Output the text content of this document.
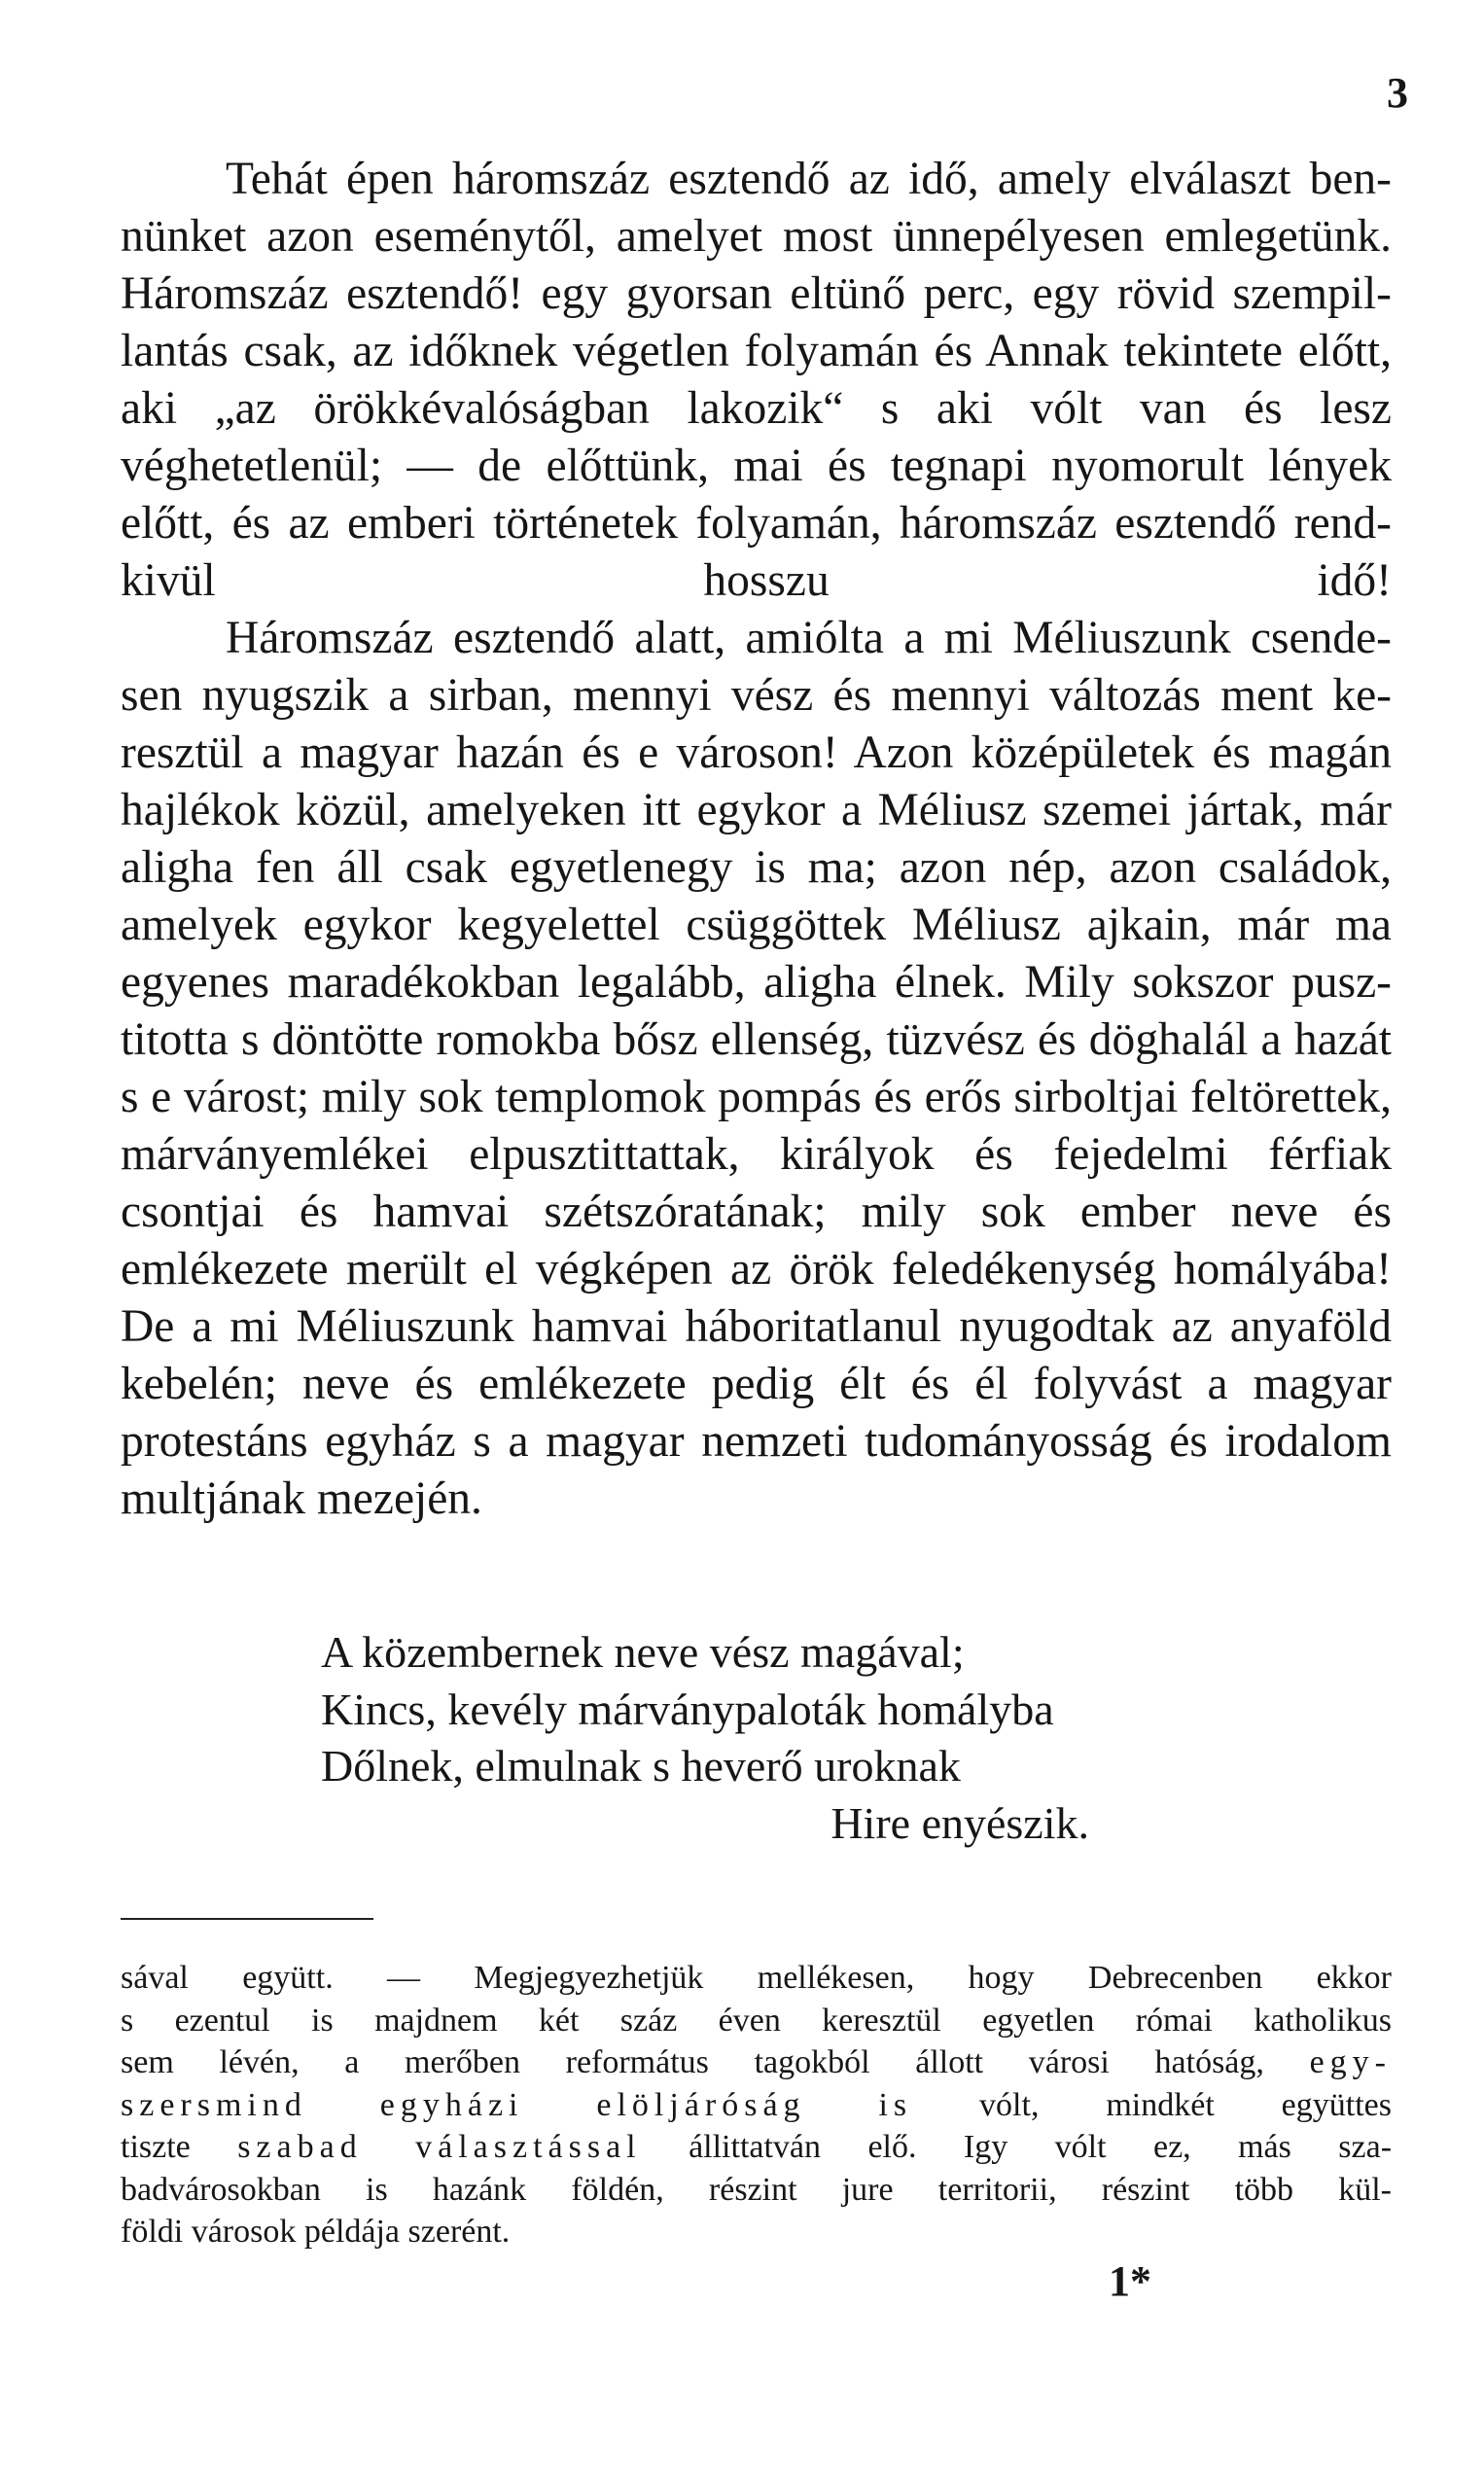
3

Tehát épen háromszáz esztendő az idő, amely elválaszt ben- nünket azon eseménytől, amelyet most ünnepélyesen emlegetünk. Háromszáz esztendő! egy gyorsan eltünő perc, egy rövid szempil- lantás csak, az időknek végetlen folyamán és Annak tekintete előtt, aki „az örökkévalóságban lakozik“ s aki vólt van és lesz véghetetlenül; — de előttünk, mai és tegnapi nyomorult lények előtt, és az emberi történetek folyamán, háromszáz esztendő rend- kivül hosszu idő!

Háromszáz esztendő alatt, amiólta a mi Méliuszunk csende- sen nyugszik a sirban, mennyi vész és mennyi változás ment ke- resztül a magyar hazán és e városon! Azon középületek és magán hajlékok közül, amelyeken itt egykor a Méliusz szemei jártak, már aligha fen áll csak egyetlenegy is ma; azon nép, azon családok, amelyek egykor kegyelettel csüggöttek Méliusz ajkain, már ma egyenes maradékokban legalább, aligha élnek. Mily sokszor pusz- titotta s döntötte romokba bősz ellenség, tüzvész és döghalál a hazát s e várost; mily sok templomok pompás és erős sirboltjai feltörettek, márványemlékei elpusztittattak, királyok és fejedelmi férfiak csontjai és hamvai szétszóratának; mily sok ember neve és emlékezete merült el végképen az örök feledékenység homályába! De a mi Méliuszunk hamvai háboritatlanul nyugodtak az anyaföld kebelén; neve és emlékezete pedig élt és él folyvást a magyar protestáns egyház s a magyar nemzeti tudományosság és irodalom multjának mezején.

A közembernek neve vész magával;
Kincs, kevély márványpaloták homályba
Dőlnek, elmulnak s heverő uroknak
Hire enyészik.
sával együtt. — Megjegyezhetjük mellékesen, hogy Debrecenben ekkor
s ezentul is majdnem két száz éven keresztül egyetlen római katholikus
sem lévén, a merőben református tagokból állott városi hatóság, egy-
szersmind egyházi elöljáróság is vólt, mindkét együttes
tiszte szabad választással állittatván elő. Igy vólt ez, más sza-
badvárosokban is hazánk földén, részint jure territorii, részint több kül-
földi városok példája szerént.
1*
